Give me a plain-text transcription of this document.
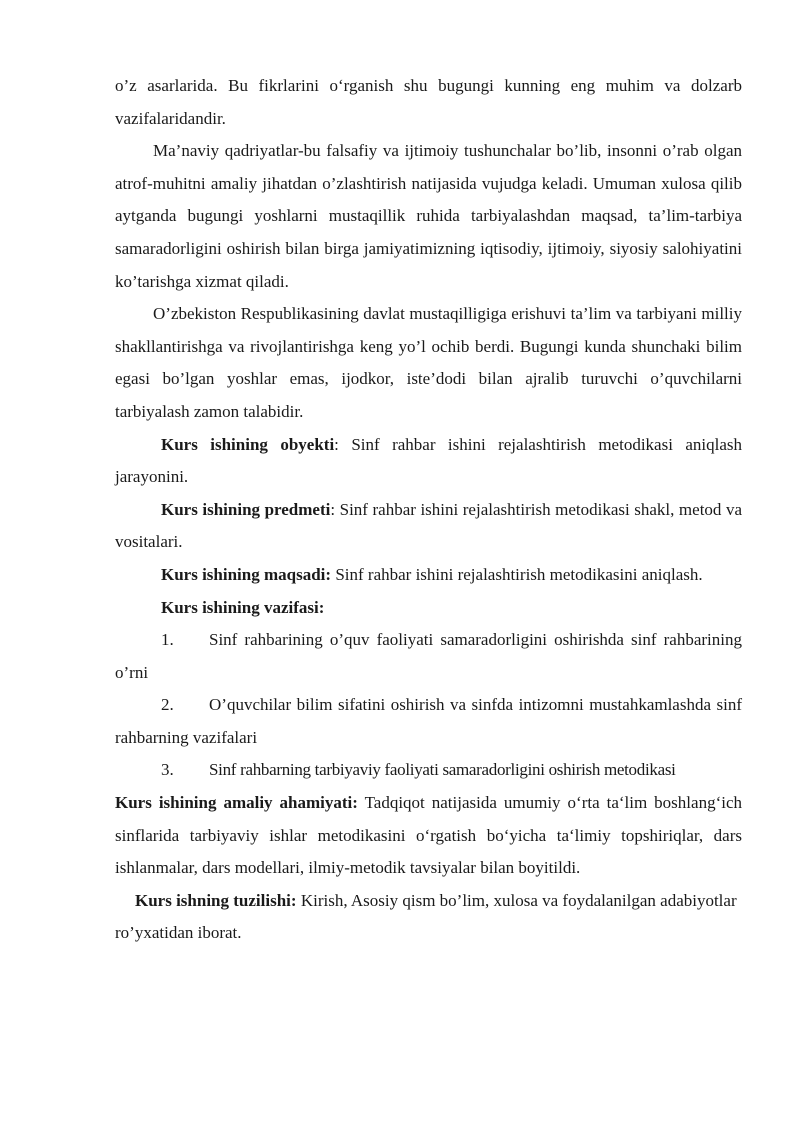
o’z asarlarida. Bu fikrlarini o‘rganish shu bugungi kunning eng muhim va dolzarb vazifalaridandir.

Ma’naviy qadriyatlar-bu falsafiy va ijtimoiy tushunchalar bo’lib, insonni o’rab olgan atrof-muhitni amaliy jihatdan o’zlashtirish natijasida vujudga keladi. Umuman xulosa qilib aytganda bugungi yoshlarni mustaqillik ruhida tarbiyalashdan maqsad, ta’lim-tarbiya samaradorligini oshirish bilan birga jamiyatimizning iqtisodiy, ijtimoiy, siyosiy salohiyatini ko’tarishga xizmat qiladi.

O’zbekiston Respublikasining davlat mustaqilligiga erishuvi ta’lim va tarbiyani milliy shakllantirishga va rivojlantirishga keng yo’l ochib berdi. Bugungi kunda shunchaki bilim egasi bo’lgan yoshlar emas, ijodkor, iste’dodi bilan ajralib turuvchi o’quvchilarni tarbiyalash zamon talabidir.

Kurs ishining obyekti: Sinf rahbar ishini rejalashtirish metodikasi aniqlash jarayonini.

Kurs ishining predmeti: Sinf rahbar ishini rejalashtirish metodikasi shakl, metod va vositalari.

Kurs ishining maqsadi: Sinf rahbar ishini rejalashtirish metodikasini aniqlash.

Kurs ishining vazifasi:

1. Sinf rahbarining o’quv faoliyati samaradorligini oshirishda sinf rahbarining o’rni

2. O’quvchilar bilim sifatini oshirish va sinfda intizomni mustahkamlashda sinf rahbarning vazifalari

3. Sinf rahbarning tarbiyaviy faoliyati samaradorligini oshirish metodikasi

Kurs ishining amaliy ahamiyati: Tadqiqot natijasida umumiy o‘rta ta‘lim boshlang‘ich sinflarida tarbiyaviy ishlar metodikasini o‘rgatish bo‘yicha ta‘limiy topshiriqlar, dars ishlanmalar, dars modellari, ilmiy-metodik tavsiyalar bilan boyitildi.

Kurs ishning tuzilishi: Kirish, Asosiy qism bo’lim, xulosa va foydalanilgan adabiyotlar ro’yxatidan iborat.
